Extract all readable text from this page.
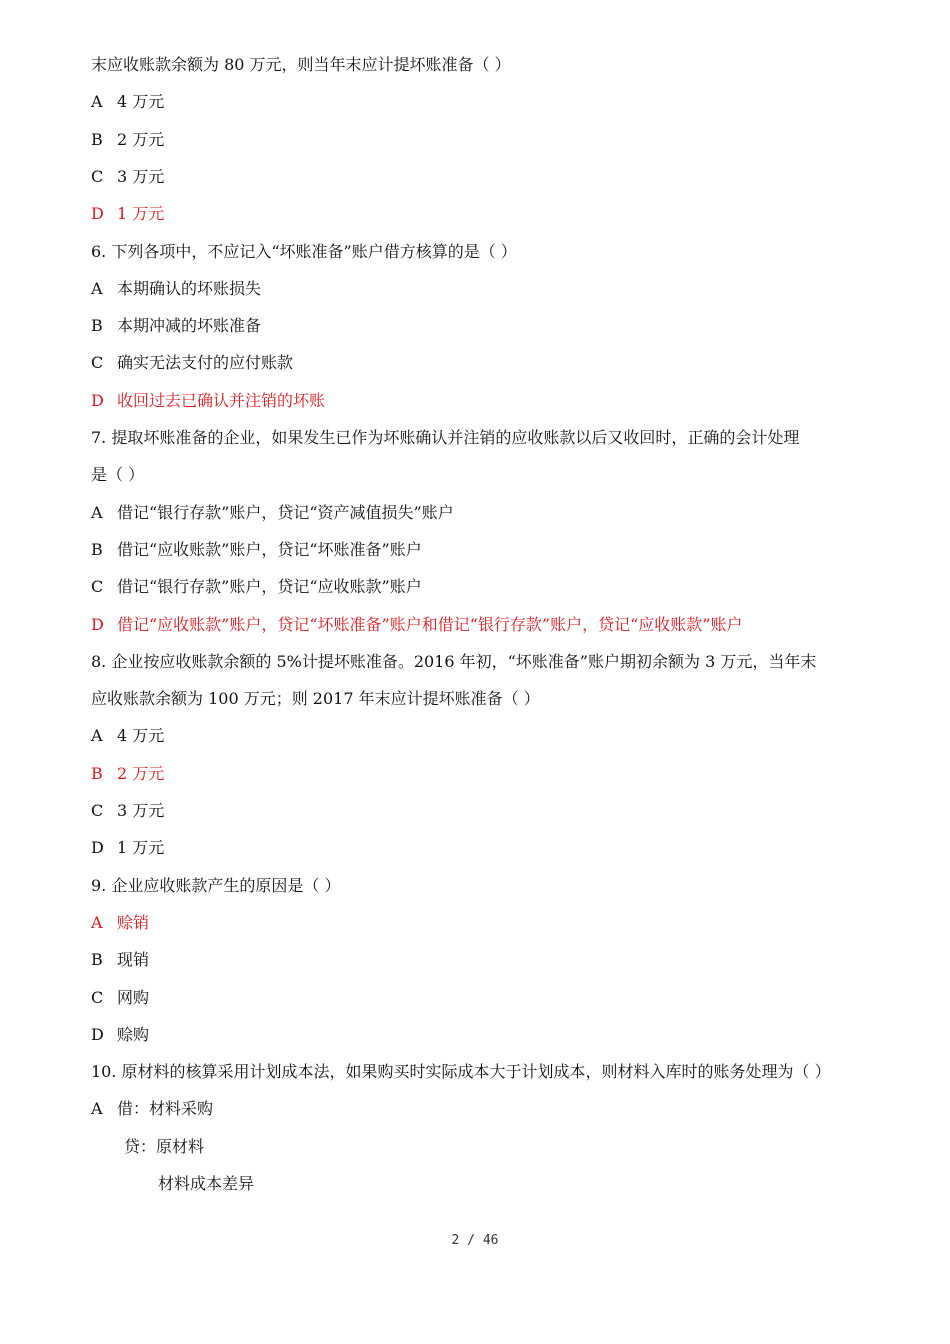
末应收账款余额为 80 万元，则当年末应计提坏账准备（ ）
A 4 万元
B 2 万元
C 3 万元
D 1 万元
6. 下列各项中，不应记入“坏账准备”账户借方核算的是（ ）
A 本期确认的坏账损失
B 本期冲减的坏账准备
C 确实无法支付的应付账款
D 收回过去已确认并注销的坏账
7. 提取坏账准备的企业，如果发生已作为坏账确认并注销的应收账款以后又收回时，正确的会计处理
是（ ）
A 借记“银行存款”账户，贷记“资产减值损失”账户
B 借记“应收账款”账户，贷记“坏账准备”账户
C 借记“银行存款”账户，贷记“应收账款”账户
D 借记“应收账款”账户，贷记“坏账准备”账户和借记“银行存款”账户，贷记“应收账款”账户
8. 企业按应收账款余额的 5%计提坏账准备。2016 年初，“坏账准备”账户期初余额为 3 万元，当年末
应收账款余额为 100 万元；则 2017 年末应计提坏账准备（ ）
A 4 万元
B 2 万元
C 3 万元
D 1 万元
9. 企业应收账款产生的原因是（ ）
A 赊销
B 现销
C 网购
D 赊购
10. 原材料的核算采用计划成本法，如果购买时实际成本大于计划成本，则材料入库时的账务处理为（ ）
A 借：材料采购
贷：原材料
材料成本差异
2 / 46
